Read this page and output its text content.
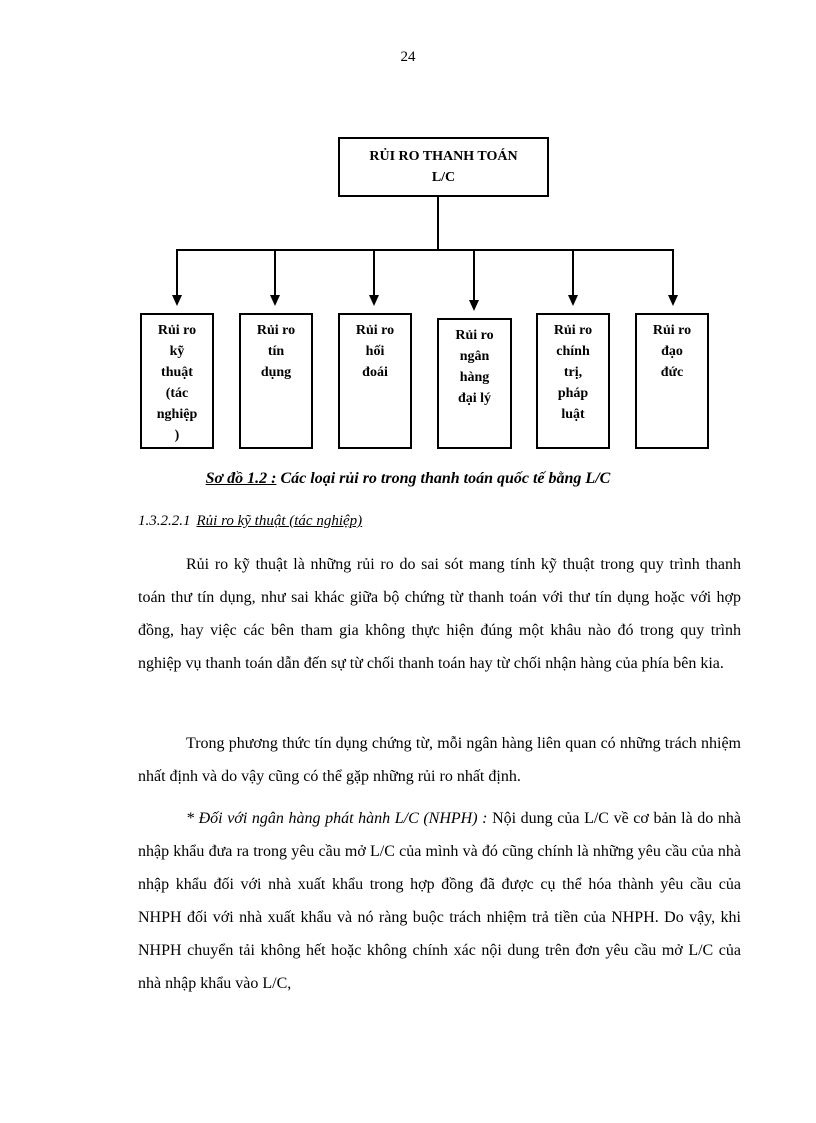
24
RỦI RO THANH TOÁN
L/C
Rủi ro
kỹ
thuật
(tác
nghiệp
)
Rủi ro
tín
dụng
Rủi ro
hối
đoái
Rủi ro
ngân
hàng
đại lý
Rủi ro
chính
trị,
pháp
luật
Rủi ro
đạo
đức
Sơ đồ 1.2 : Các loại rủi ro trong thanh toán quốc tế bằng L/C
1.3.2.2.1 Rủi ro kỹ thuật (tác nghiệp)

Rủi ro kỹ thuật là những rủi ro do sai sót mang tính kỹ thuật trong quy trình thanh toán thư tín dụng, như sai khác giữa bộ chứng từ thanh toán với thư tín dụng hoặc với hợp đồng, hay việc các bên tham gia không thực hiện đúng một khâu nào đó trong quy trình nghiệp vụ thanh toán dẫn đến sự từ chối thanh toán hay từ chối nhận hàng của phía bên kia.

Trong phương thức tín dụng chứng từ, mỗi ngân hàng liên quan có những trách nhiệm nhất định và do vậy cũng có thể gặp những rủi ro nhất định.

* Đối với ngân hàng phát hành L/C (NHPH) : Nội dung của L/C về cơ bản là do nhà nhập khẩu đưa ra trong yêu cầu mở L/C của mình và đó cũng chính là những yêu cầu của nhà nhập khẩu đối với nhà xuất khẩu trong hợp đồng đã được cụ thể hóa thành yêu cầu của NHPH đối với nhà xuất khẩu và nó ràng buộc trách nhiệm trả tiền của NHPH. Do vậy, khi NHPH chuyển tải không hết hoặc không chính xác nội dung trên đơn yêu cầu mở L/C của nhà nhập khẩu vào L/C,
